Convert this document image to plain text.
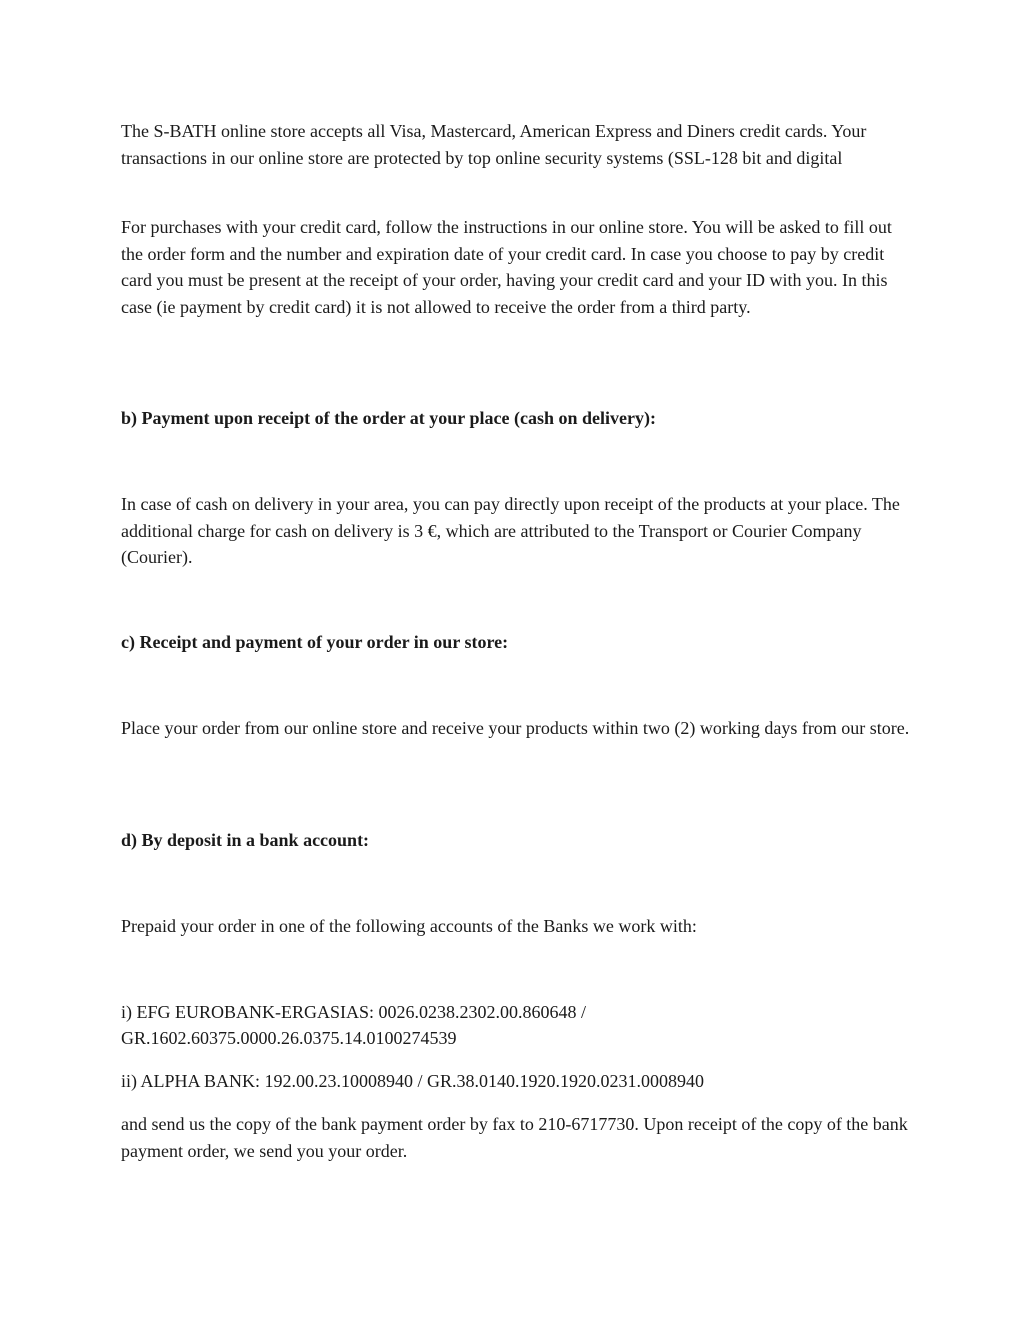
The S-BATH online store accepts all Visa, Mastercard, American Express and Diners credit cards. Your transactions in our online store are protected by top online security systems (SSL-128 bit and digital

For purchases with your credit card, follow the instructions in our online store. You will be asked to fill out the order form and the number and expiration date of your credit card. In case you choose to pay by credit card you must be present at the receipt of your order, having your credit card and your ID with you. In this case (ie payment by credit card) it is not allowed to receive the order from a third party.

b) Payment upon receipt of the order at your place (cash on delivery):

In case of cash on delivery in your area, you can pay directly upon receipt of the products at your place. The additional charge for cash on delivery is 3 €, which are attributed to the Transport or Courier Company (Courier).

c) Receipt and payment of your order in our store:

Place your order from our online store and receive your products within two (2) working days from our store.

d) By deposit in a bank account:

Prepaid your order in one of the following accounts of the Banks we work with:

i) EFG EUROBANK-ERGASIAS: 0026.0238.2302.00.860648 /

GR.1602.60375.0000.26.0375.14.0100274539

ii) ALPHA BANK: 192.00.23.10008940 / GR.38.0140.1920.1920.0231.0008940

and send us the copy of the bank payment order by fax to 210-6717730. Upon receipt of the copy of the bank payment order, we send you your order.
